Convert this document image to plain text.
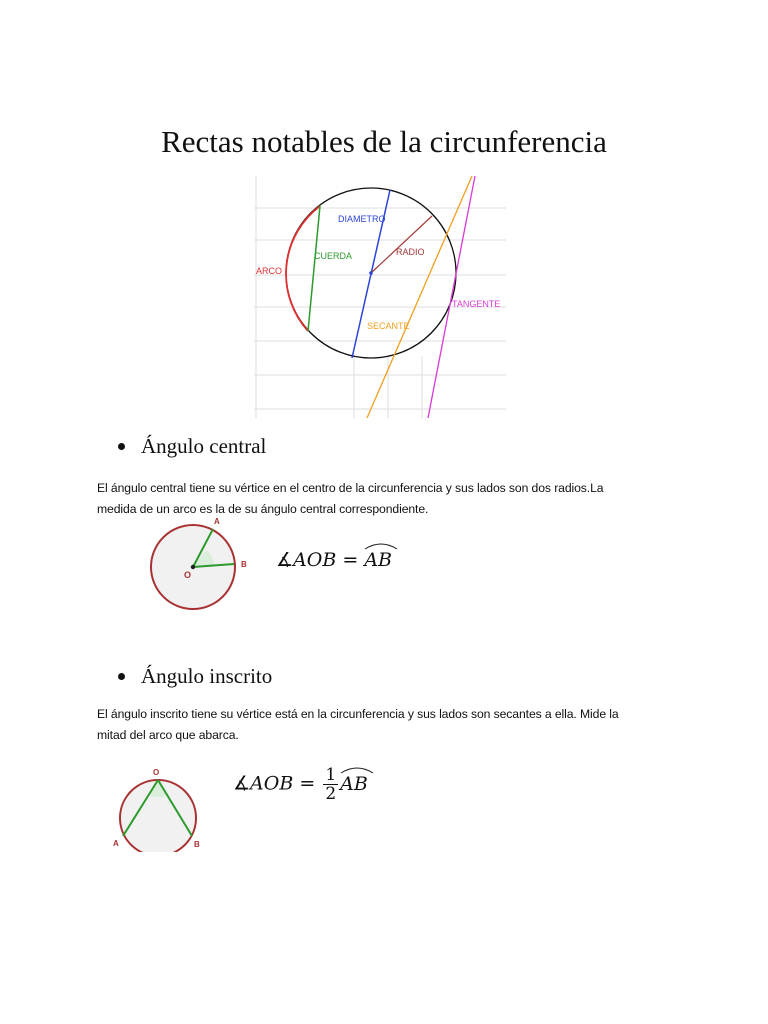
Rectas notables de la circunferencia
DIAMETRO
CUERDA	RADIO
ARCO
TANGENTE
SECANTE
Ángulo central
El ángulo central tiene su vértice en el centro de la circunferencia y sus lados son dos radios.La
medida de un arco es la de su ángulo central correspondiente.
A
B
O
∡AOB = AB
Ángulo inscrito
El ángulo inscrito tiene su vértice está en la circunferencia y sus lados son secantes a ella. Mide la
mitad del arco que abarca.
O
A	B
∡AOB = $\frac{1}{2}$ AB
